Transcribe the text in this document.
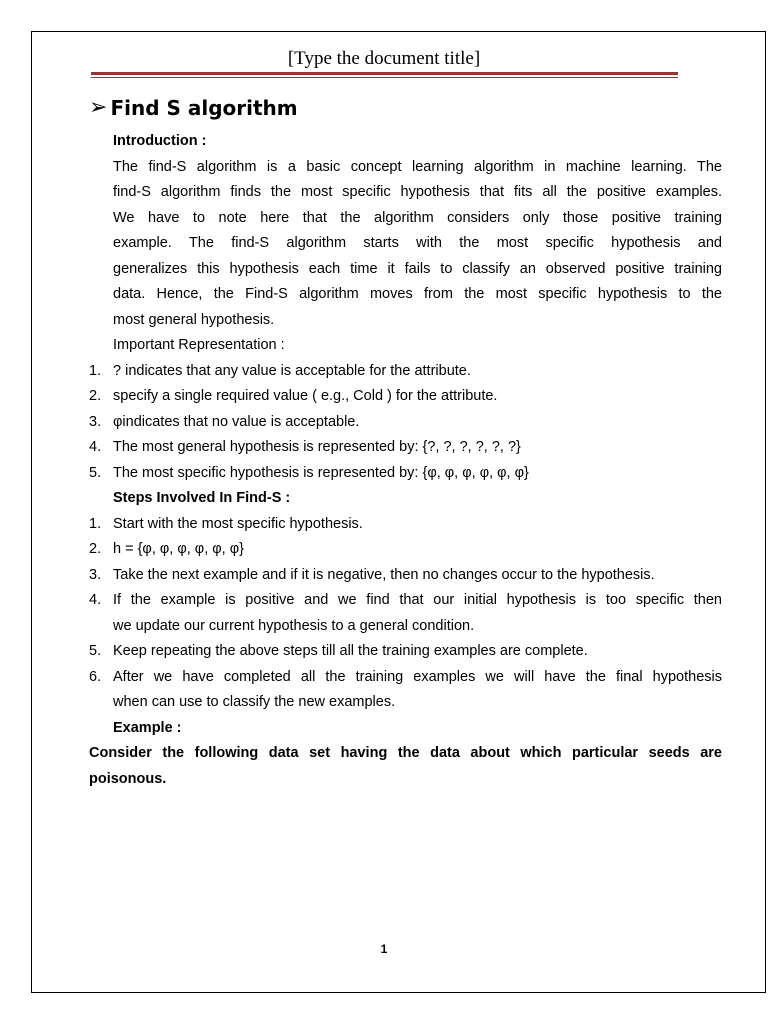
[Type the document title]
➢ Find S algorithm
Introduction :
The find-S algorithm is a basic concept learning algorithm in machine learning. The
find-S algorithm finds the most specific hypothesis that fits all the positive examples.
We have to note here that the algorithm considers only those positive training
example. The find-S algorithm starts with the most specific hypothesis and
generalizes this hypothesis each time it fails to classify an observed positive training
data. Hence, the Find-S algorithm moves from the most specific hypothesis to the
most general hypothesis.
Important Representation :
1. ? indicates that any value is acceptable for the attribute.
2. specify a single required value ( e.g., Cold ) for the attribute.
3. φindicates that no value is acceptable.
4. The most general hypothesis is represented by: {?, ?, ?, ?, ?, ?}
5. The most specific hypothesis is represented by: {φ, φ, φ, φ, φ, φ}
Steps Involved In Find-S :
1. Start with the most specific hypothesis.
2. h = {φ, φ, φ, φ, φ, φ}
3. Take the next example and if it is negative, then no changes occur to the hypothesis.
4. If the example is positive and we find that our initial hypothesis is too specific then
we update our current hypothesis to a general condition.
5. Keep repeating the above steps till all the training examples are complete.
6. After we have completed all the training examples we will have the final hypothesis
when can use to classify the new examples.
Example :
Consider the following data set having the data about which particular seeds are
poisonous.
1
